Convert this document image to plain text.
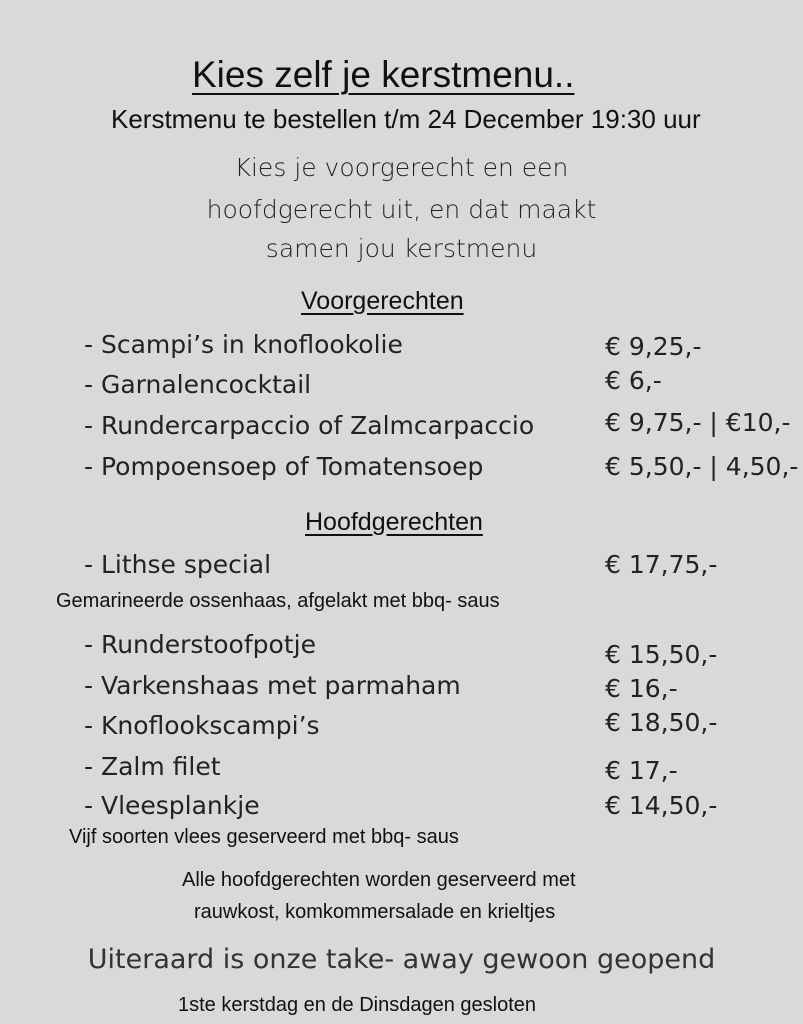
Kies zelf je kerstmenu..
Kerstmenu te bestellen t/m 24 December 19:30 uur
Kies je voorgerecht en een
hoofdgerecht uit, en dat maakt
samen jou kerstmenu
Voorgerechten
- Scampi’s in knoflookolie	€ 9,25,-
- Garnalencocktail	€ 6,-
- Rundercarpaccio of Zalmcarpaccio	€ 9,75,- | €10,-
- Pompoensoep of Tomatensoep	€ 5,50,- | 4,50,-
Hoofdgerechten
- Lithse special	€ 17,75,-
Gemarineerde ossenhaas, afgelakt met bbq- saus
- Runderstoofpotje	€ 15,50,-
- Varkenshaas met parmaham	€ 16,-
- Knoflookscampi’s	€ 18,50,-
- Zalm filet	€ 17,-
- Vleesplankje	€ 14,50,-
Vijf soorten vlees geserveerd met bbq- saus
Alle hoofdgerechten worden geserveerd met
rauwkost, komkommersalade en krieltjes
Uiteraard is onze take- away gewoon geopend
1ste kerstdag en de Dinsdagen gesloten
